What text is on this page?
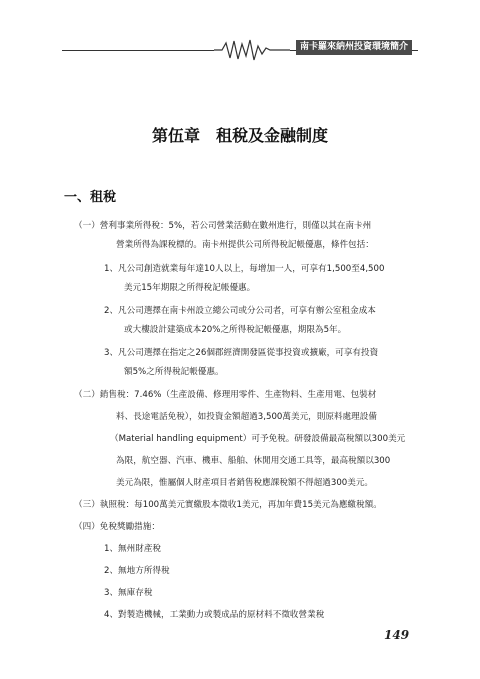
南卡羅來納州投資環境簡介
第伍章　租稅及金融制度
一、租稅
（一）營利事業所得稅：5%，若公司營業活動在數州進行，則僅以其在南卡州
營業所得為課稅標的。南卡州提供公司所得稅記帳優惠，條件包括：
1、凡公司創造就業每年達10人以上，每增加一人，可享有1,500至4,500
美元15年期限之所得稅記帳優惠。
2、凡公司選擇在南卡州設立總公司或分公司者，可享有辦公室租金成本
或大樓設計建築成本20%之所得稅記帳優惠，期限為5年。
3、凡公司選擇在指定之26個郡經濟開發區從事投資或擴廠，可享有投資
額5%之所得稅記帳優惠。
（二）銷售稅：7.46%（生產設備、修理用零件、生產物料、生產用電、包裝材
料、長途電話免稅），如投資金額超過3,500萬美元，則原料處理設備
（Material handling equipment）可予免稅。研發設備最高稅額以300美元
為限，航空器、汽車、機車、船舶、休閒用交通工具等，最高稅額以300
美元為限，惟屬個人財產項目者銷售稅應課稅額不得超過300美元。
（三）執照稅：每100萬美元實繳股本徵收1美元，再加年費15美元為應繳稅額。
（四）免稅獎勵措施：
1、無州財產稅
2、無地方所得稅
3、無庫存稅
4、對製造機械，工業動力或製成品的原材料不徵收營業稅
149
